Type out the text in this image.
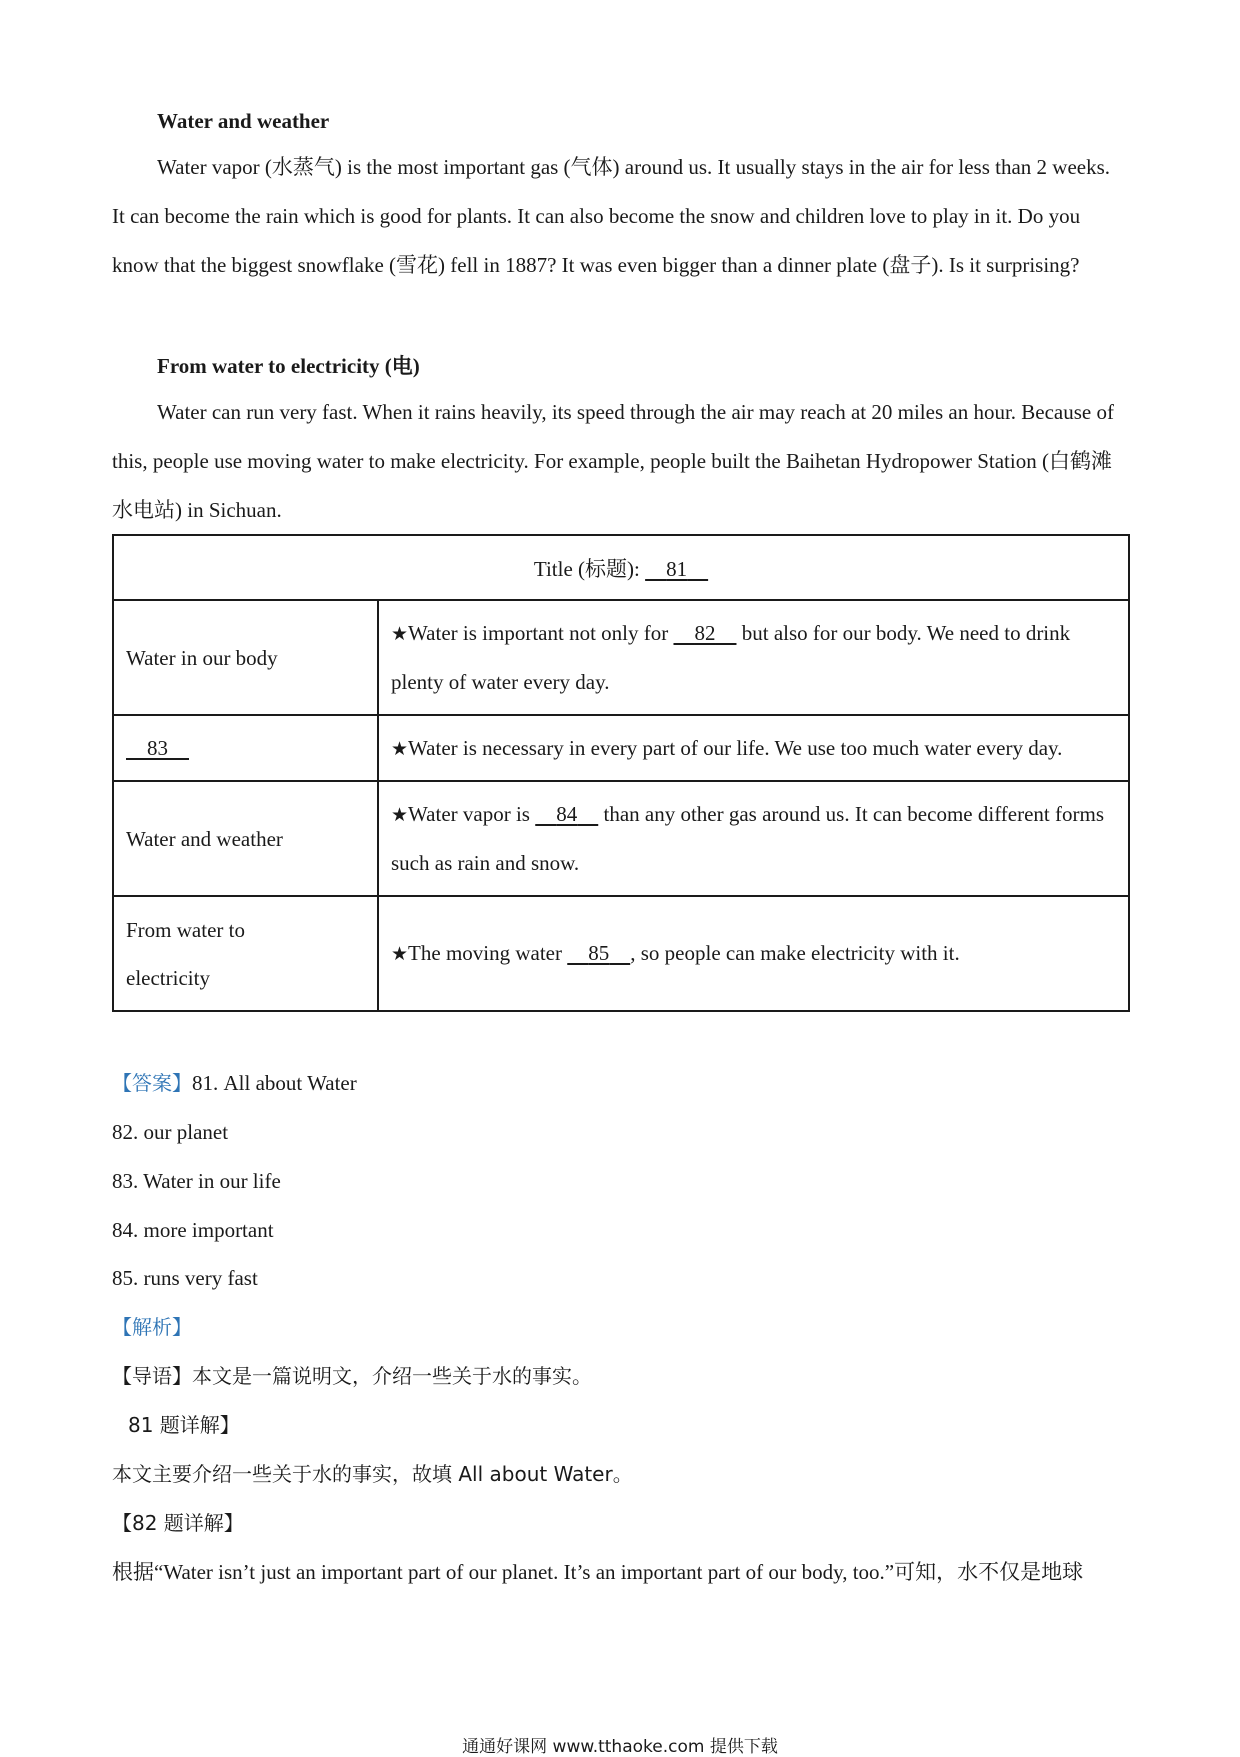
Water and weather
Water vapor (水蒸气) is the most important gas (气体) around us. It usually stays in the air for less than 2 weeks. It can become the rain which is good for plants. It can also become the snow and children love to play in it. Do you know that the biggest snowflake (雪花) fell in 1887? It was even bigger than a dinner plate (盘子). Is it surprising?
From water to electricity (电)
Water can run very fast. When it rains heavily, its speed through the air may reach at 20 miles an hour. Because of this, people use moving water to make electricity. For example, people built the Baihetan Hydropower Station (白鹤滩水电站) in Sichuan.
Title (标题):     81	
Water in our body	★Water is important not only for     82     but also for our body. We need to drink plenty of water every day.
83	★Water is necessary in every part of our life. We use too much water every day.
Water and weather	★Water vapor is     84     than any other gas around us. It can become different forms such as rain and snow.
From water to electricity	★The moving water     85 , so people can make electricity with it.
【答案】81. All about Water
82. our planet
83. Water in our life
84. more important
85. runs very fast
【解析】
【导语】本文是一篇说明文，介绍一些关于水的事实。
81 题详解】
本文主要介绍一些关于水的事实，故填 All about Water。
【82 题详解】
根据“Water isn’t just an important part of our planet. It’s an important part of our body, too.”可知，水不仅是地球
通通好课网 www.tthaoke.com 提供下载
